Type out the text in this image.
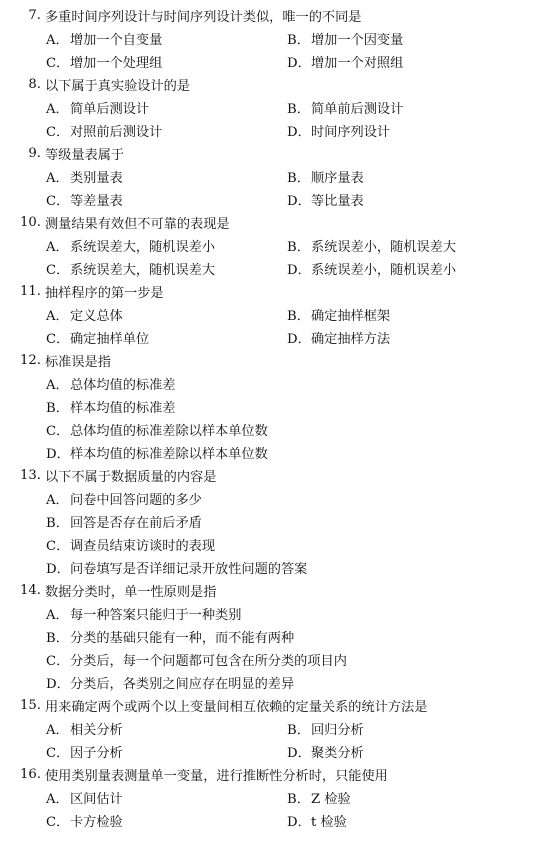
7. 多重时间序列设计与时间序列设计类似，唯一的不同是
A．增加一个自变量	B．增加一个因变量
C．增加一个处理组	D．增加一个对照组
8. 以下属于真实验设计的是
A．简单后测设计	B．简单前后测设计
C．对照前后测设计	D．时间序列设计
9. 等级量表属于
A．类别量表	B．顺序量表
C．等差量表	D．等比量表
10. 测量结果有效但不可靠的表现是
A．系统误差大，随机误差小	B．系统误差小，随机误差大
C．系统误差大，随机误差大	D．系统误差小，随机误差小
11. 抽样程序的第一步是
A．定义总体	B．确定抽样框架
C．确定抽样单位	D．确定抽样方法
12. 标准误是指
A． 总体均值的标准差
B． 样本均值的标准差
C． 总体均值的标准差除以样本单位数
D． 样本均值的标准差除以样本单位数
13. 以下不属于数据质量的内容是
A． 问卷中回答问题的多少
B． 回答是否存在前后矛盾
C． 调查员结束访谈时的表现
D． 问卷填写是否详细记录开放性问题的答案
14. 数据分类时，单一性原则是指
A． 每一种答案只能归于一种类别
B． 分类的基础只能有一种，而不能有两种
C． 分类后，每一个问题都可包含在所分类的项目内
D． 分类后，各类别之间应存在明显的差异
15. 用来确定两个或两个以上变量间相互依赖的定量关系的统计方法是
A．相关分析	B．回归分析
C．因子分析	D．聚类分析
16. 使用类别量表测量单一变量，进行推断性分析时，只能使用
A．区间估计	B．Z 检验
C．卡方检验	D．t 检验
